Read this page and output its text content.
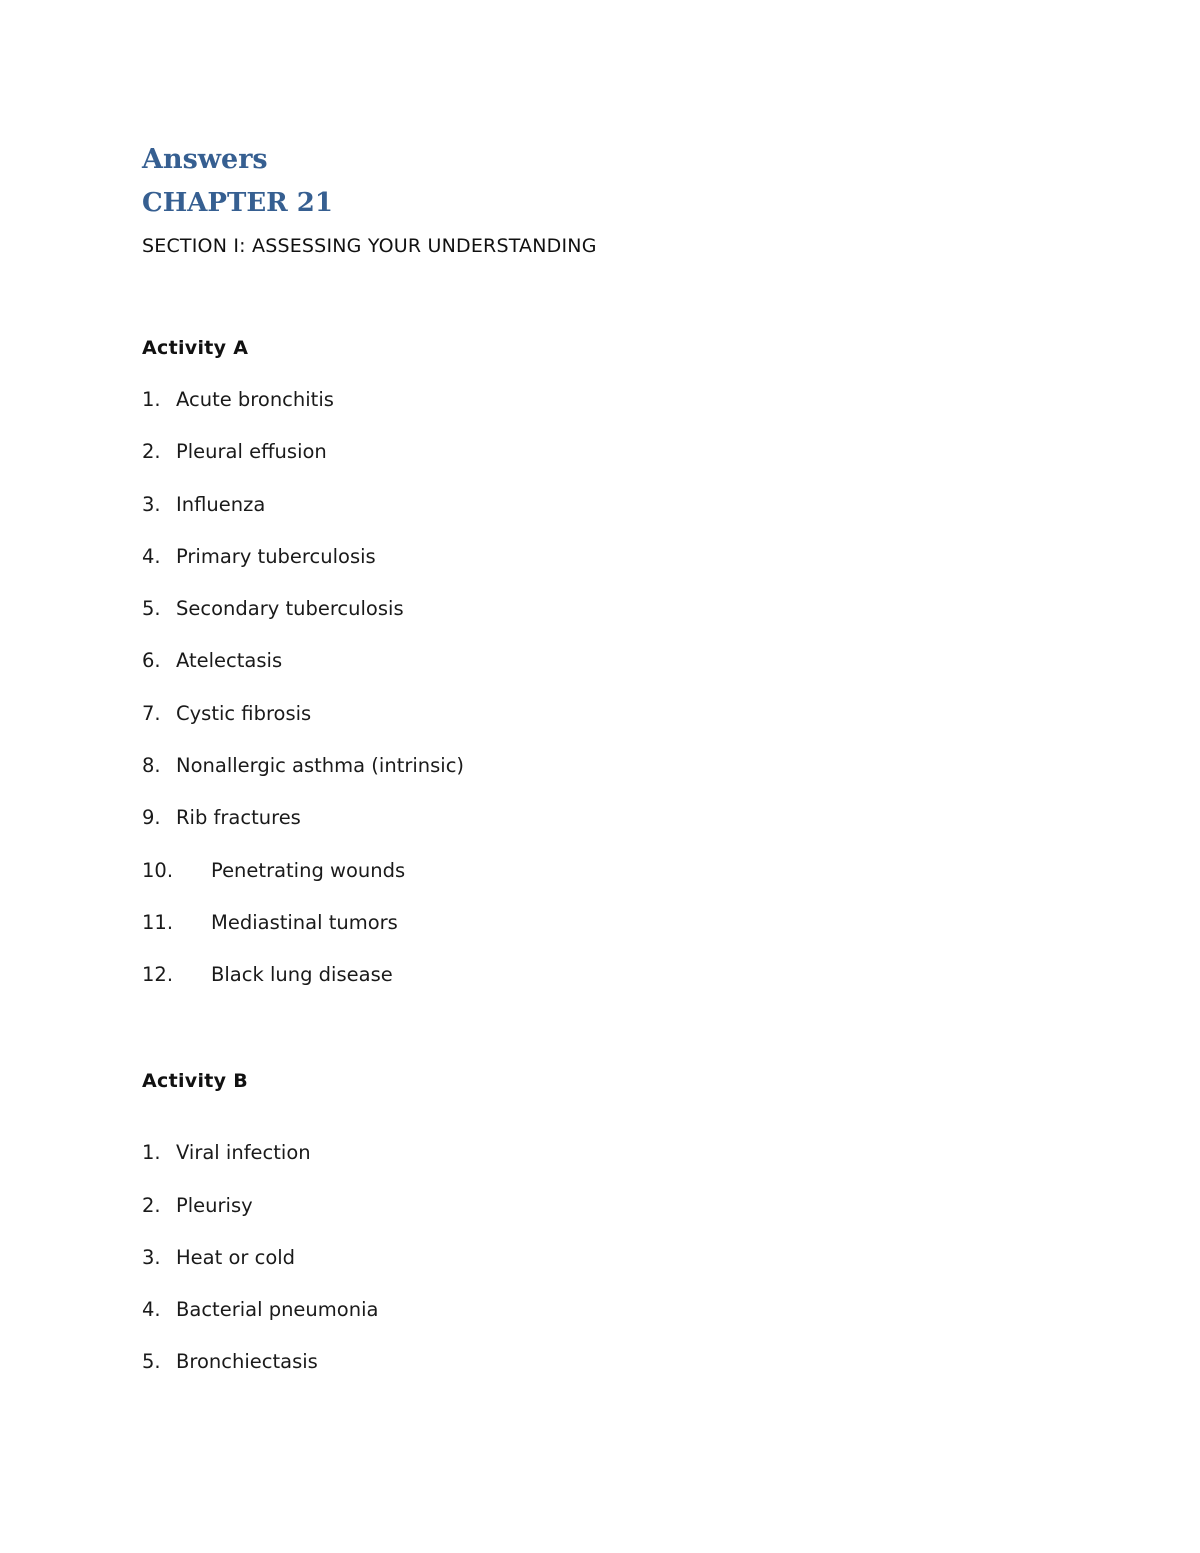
Answers
CHAPTER 21
SECTION I: ASSESSING YOUR UNDERSTANDING
Activity A
1. Acute bronchitis
2. Pleural effusion
3. Influenza
4. Primary tuberculosis
5. Secondary tuberculosis
6. Atelectasis
7. Cystic fibrosis
8. Nonallergic asthma (intrinsic)
9. Rib fractures
10.	Penetrating wounds
11.	Mediastinal tumors
12.	Black lung disease
Activity B
1. Viral infection
2. Pleurisy
3. Heat or cold
4. Bacterial pneumonia
5. Bronchiectasis
